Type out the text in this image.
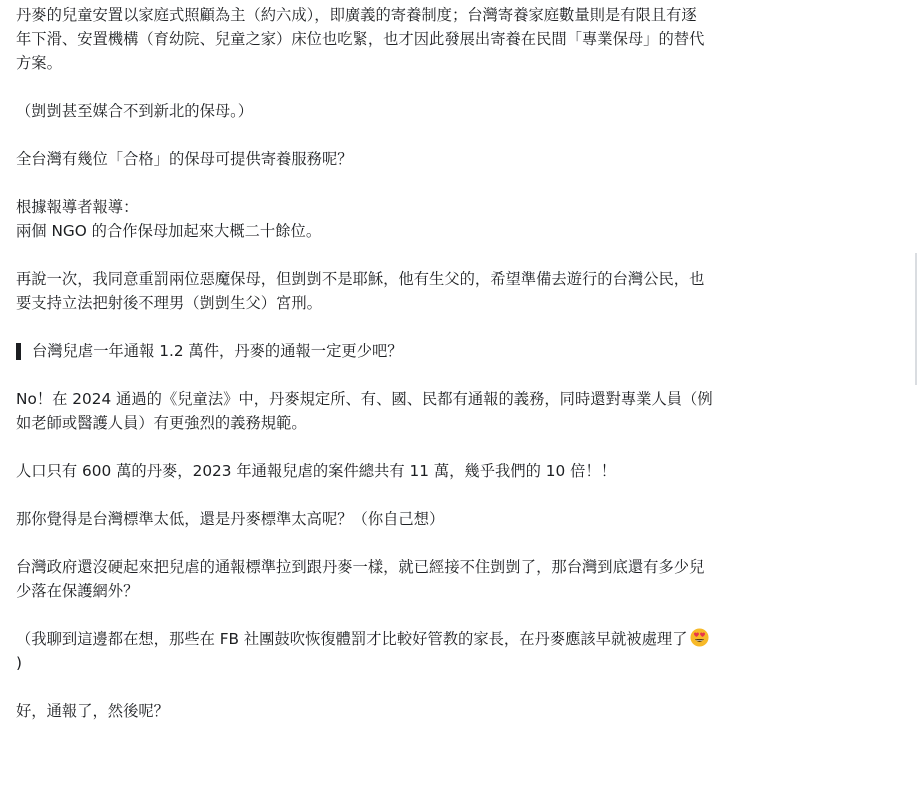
丹麥的兒童安置以家庭式照顧為主（約六成），即廣義的寄養制度；台灣寄養家庭數量則是有限且有逐
年下滑、安置機構（育幼院、兒童之家）床位也吃緊，也才因此發展出寄養在民間「專業保母」的替代
方案。

（剴剴甚至媒合不到新北的保母。）

全台灣有幾位「合格」的保母可提供寄養服務呢？

根據報導者報導：
兩個 NGO 的合作保母加起來大概二十餘位。

再說一次，我同意重罰兩位惡魔保母，但剴剴不是耶穌，他有生父的，希望準備去遊行的台灣公民，也
要支持立法把射後不理男（剴剴生父）宮刑。

台灣兒虐一年通報 1.2 萬件，丹麥的通報一定更少吧？

No！在 2024 通過的《兒童法》中，丹麥規定所、有、國、民都有通報的義務，同時還對專業人員（例
如老師或醫護人員）有更強烈的義務規範。

人口只有 600 萬的丹麥，2023 年通報兒虐的案件總共有 11 萬，幾乎我們的 10 倍！！

那你覺得是台灣標準太低，還是丹麥標準太高呢？（你自己想）

台灣政府還沒硬起來把兒虐的通報標準拉到跟丹麥一樣，就已經接不住剴剴了，那台灣到底還有多少兒
少落在保護網外？

（我聊到這邊都在想，那些在 FB 社團鼓吹恢復體罰才比較好管教的家長，在丹麥應該早就被處理了
)

好，通報了，然後呢？
